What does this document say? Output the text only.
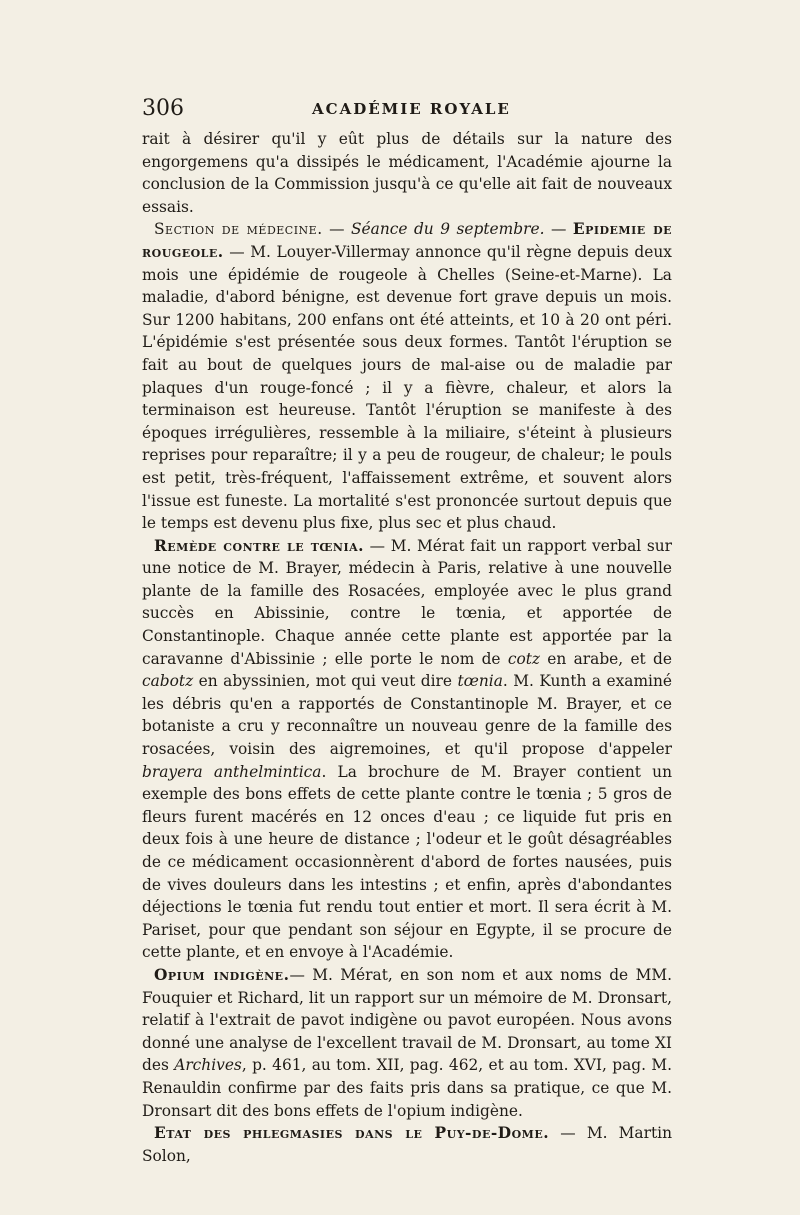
306	ACADÉMIE ROYALE

rait à désirer qu'il y eût plus de détails sur la nature des engorgemens qu'a dissipés le médicament, l'Académie ajourne la conclusion de la Commission jusqu'à ce qu'elle ait fait de nouveaux essais.

Section de médecine. — Séance du 9 septembre. — Epidemie de rougeole. — M. Louyer-Villermay annonce qu'il règne depuis deux mois une épidémie de rougeole à Chelles (Seine-et-Marne). La maladie, d'abord bénigne, est devenue fort grave depuis un mois. Sur 1200 habitans, 200 enfans ont été atteints, et 10 à 20 ont péri. L'épidémie s'est présentée sous deux formes. Tantôt l'éruption se fait au bout de quelques jours de mal-aise ou de maladie par plaques d'un rouge-foncé ; il y a fièvre, chaleur, et alors la terminaison est heureuse. Tantôt l'éruption se manifeste à des époques irrégulières, ressemble à la miliaire, s'éteint à plusieurs reprises pour reparaître; il y a peu de rougeur, de chaleur; le pouls est petit, très-fréquent, l'affaissement extrême, et souvent alors l'issue est funeste. La mortalité s'est prononcée surtout depuis que le temps est devenu plus fixe, plus sec et plus chaud.

Remède contre le tœnia. — M. Mérat fait un rapport verbal sur une notice de M. Brayer, médecin à Paris, relative à une nouvelle plante de la famille des Rosacées, employée avec le plus grand succès en Abissinie, contre le tœnia, et apportée de Constantinople. Chaque année cette plante est apportée par la caravanne d'Abissinie ; elle porte le nom de cotz en arabe, et de cabotz en abyssinien, mot qui veut dire tœnia. M. Kunth a examiné les débris qu'en a rapportés de Constantinople M. Brayer, et ce botaniste a cru y reconnaître un nouveau genre de la famille des rosacées, voisin des aigremoines, et qu'il propose d'appeler brayera anthelmintica. La brochure de M. Brayer contient un exemple des bons effets de cette plante contre le tœnia ; 5 gros de fleurs furent macérés en 12 onces d'eau ; ce liquide fut pris en deux fois à une heure de distance ; l'odeur et le goût désagréables de ce médicament occasionnèrent d'abord de fortes nausées, puis de vives douleurs dans les intestins ; et enfin, après d'abondantes déjections le tœnia fut rendu tout entier et mort. Il sera écrit à M. Pariset, pour que pendant son séjour en Egypte, il se procure de cette plante, et en envoye à l'Académie.

Opium indigène.— M. Mérat, en son nom et aux noms de MM. Fouquier et Richard, lit un rapport sur un mémoire de M. Dronsart, relatif à l'extrait de pavot indigène ou pavot européen. Nous avons donné une analyse de l'excellent travail de M. Dronsart, au tome XI des Archives, p. 461, au tom. XII, pag. 462, et au tom. XVI, pag. M. Renauldin confirme par des faits pris dans sa pratique, ce que M. Dronsart dit des bons effets de l'opium indigène.

Etat des phlegmasies dans le Puy-de-Dome. — M. Martin Solon,
